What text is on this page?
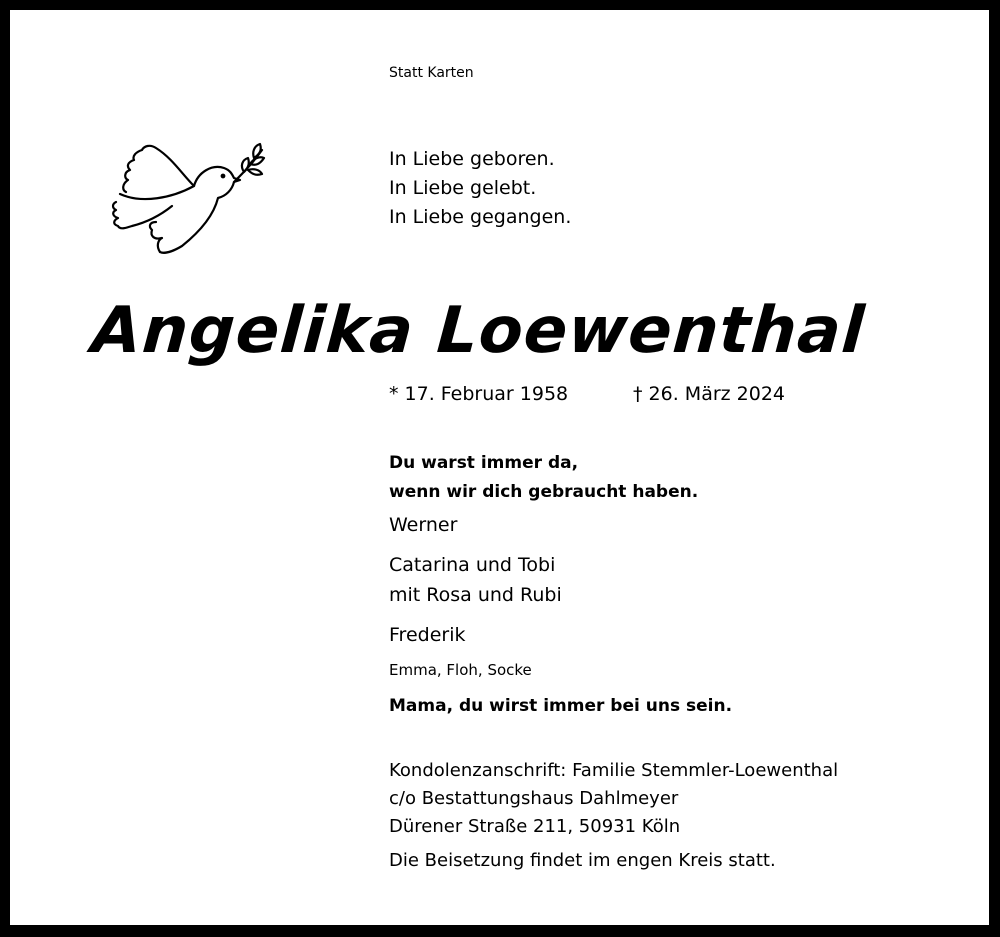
Statt Karten
In Liebe geboren.
In Liebe gelebt.
In Liebe gegangen.
Angelika Loewenthal
* 17. Februar 1958	† 26. März 2024
Du warst immer da,
wenn wir dich gebraucht haben.
Werner
Catarina und Tobi
mit Rosa und Rubi
Frederik
Emma, Floh, Socke
Mama, du wirst immer bei uns sein.
Kondolenzanschrift: Familie Stemmler-Loewenthal
c/o Bestattungshaus Dahlmeyer
Dürener Straße 211, 50931 Köln
Die Beisetzung findet im engen Kreis statt.
